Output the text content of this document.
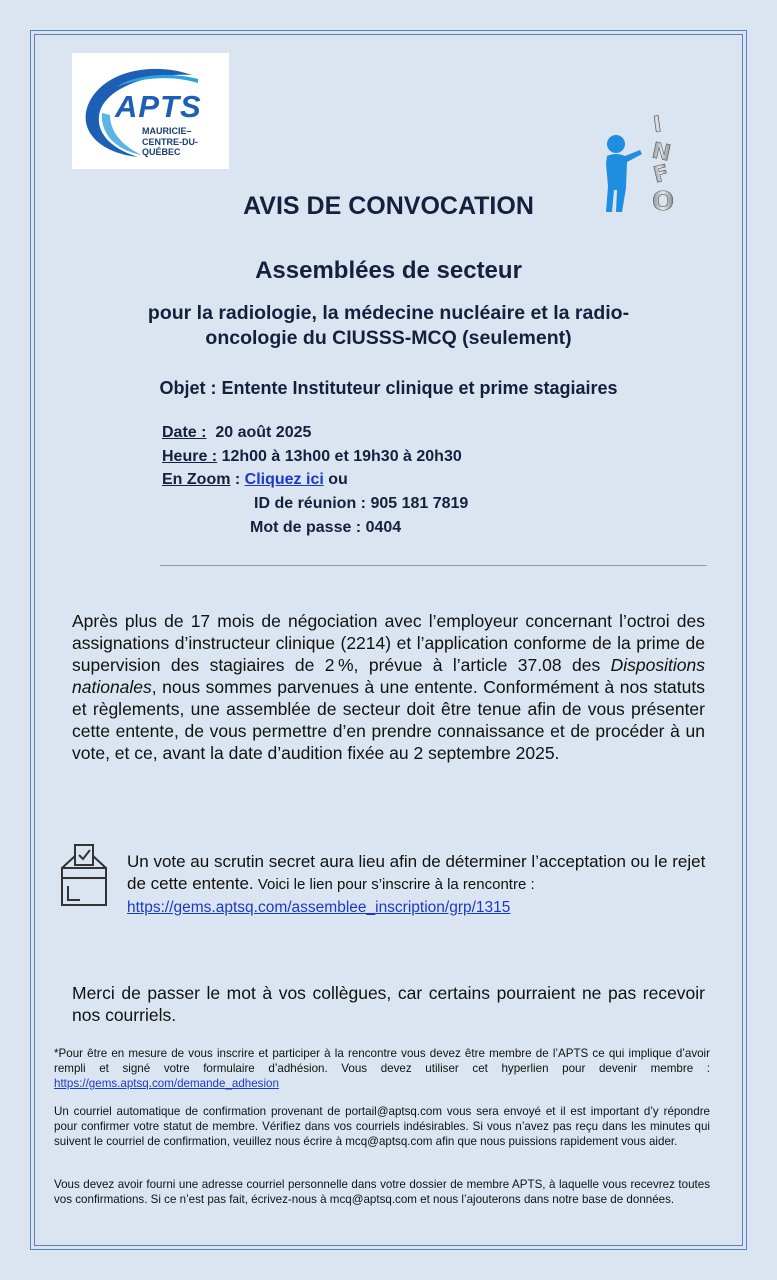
APTS
MAURICIE–
CENTRE-DU-QUÉBEC
I
N
F
O
AVIS DE CONVOCATION
Assemblées de secteur
pour la radiologie, la médecine nucléaire et la radio-
oncologie du CIUSSS-MCQ (seulement)
Objet : Entente Instituteur clinique et prime stagiaires
Date : 20 août 2025
Heure : 12h00 à 13h00 et 19h30 à 20h30
En Zoom : Cliquez ici ou
ID de réunion : 905 181 7819
Mot de passe : 0404
Après plus de 17 mois de négociation avec l’employeur concernant l’octroi des assignations d’instructeur clinique (2214) et l’application conforme de la prime de supervision des stagiaires de 2 %, prévue à l’article 37.08 des Dispositions nationales, nous sommes parvenues à une entente. Conformément à nos statuts et règlements, une assemblée de secteur doit être tenue afin de vous présenter cette entente, de vous permettre d’en prendre connaissance et de procéder à un vote, et ce, avant la date d’audition fixée au 2 septembre 2025.
Un vote au scrutin secret aura lieu afin de déterminer l’acceptation ou le rejet de cette entente. Voici le lien pour s’inscrire à la rencontre :
https://gems.aptsq.com/assemblee_inscription/grp/1315
Merci de passer le mot à vos collègues, car certains pourraient ne pas recevoir nos courriels.
*Pour être en mesure de vous inscrire et participer à la rencontre vous devez être membre de l’APTS ce qui implique d’avoir rempli et signé votre formulaire d’adhésion. Vous devez utiliser cet hyperlien pour devenir membre : https://gems.aptsq.com/demande_adhesion
Un courriel automatique de confirmation provenant de portail@aptsq.com vous sera envoyé et il est important d’y répondre pour confirmer votre statut de membre. Vérifiez dans vos courriels indésirables. Si vous n’avez pas reçu dans les minutes qui suivent le courriel de confirmation, veuillez nous écrire à mcq@aptsq.com afin que nous puissions rapidement vous aider.
Vous devez avoir fourni une adresse courriel personnelle dans votre dossier de membre APTS, à laquelle vous recevrez toutes vos confirmations. Si ce n’est pas fait, écrivez-nous à mcq@aptsq.com et nous l’ajouterons dans notre base de données.
